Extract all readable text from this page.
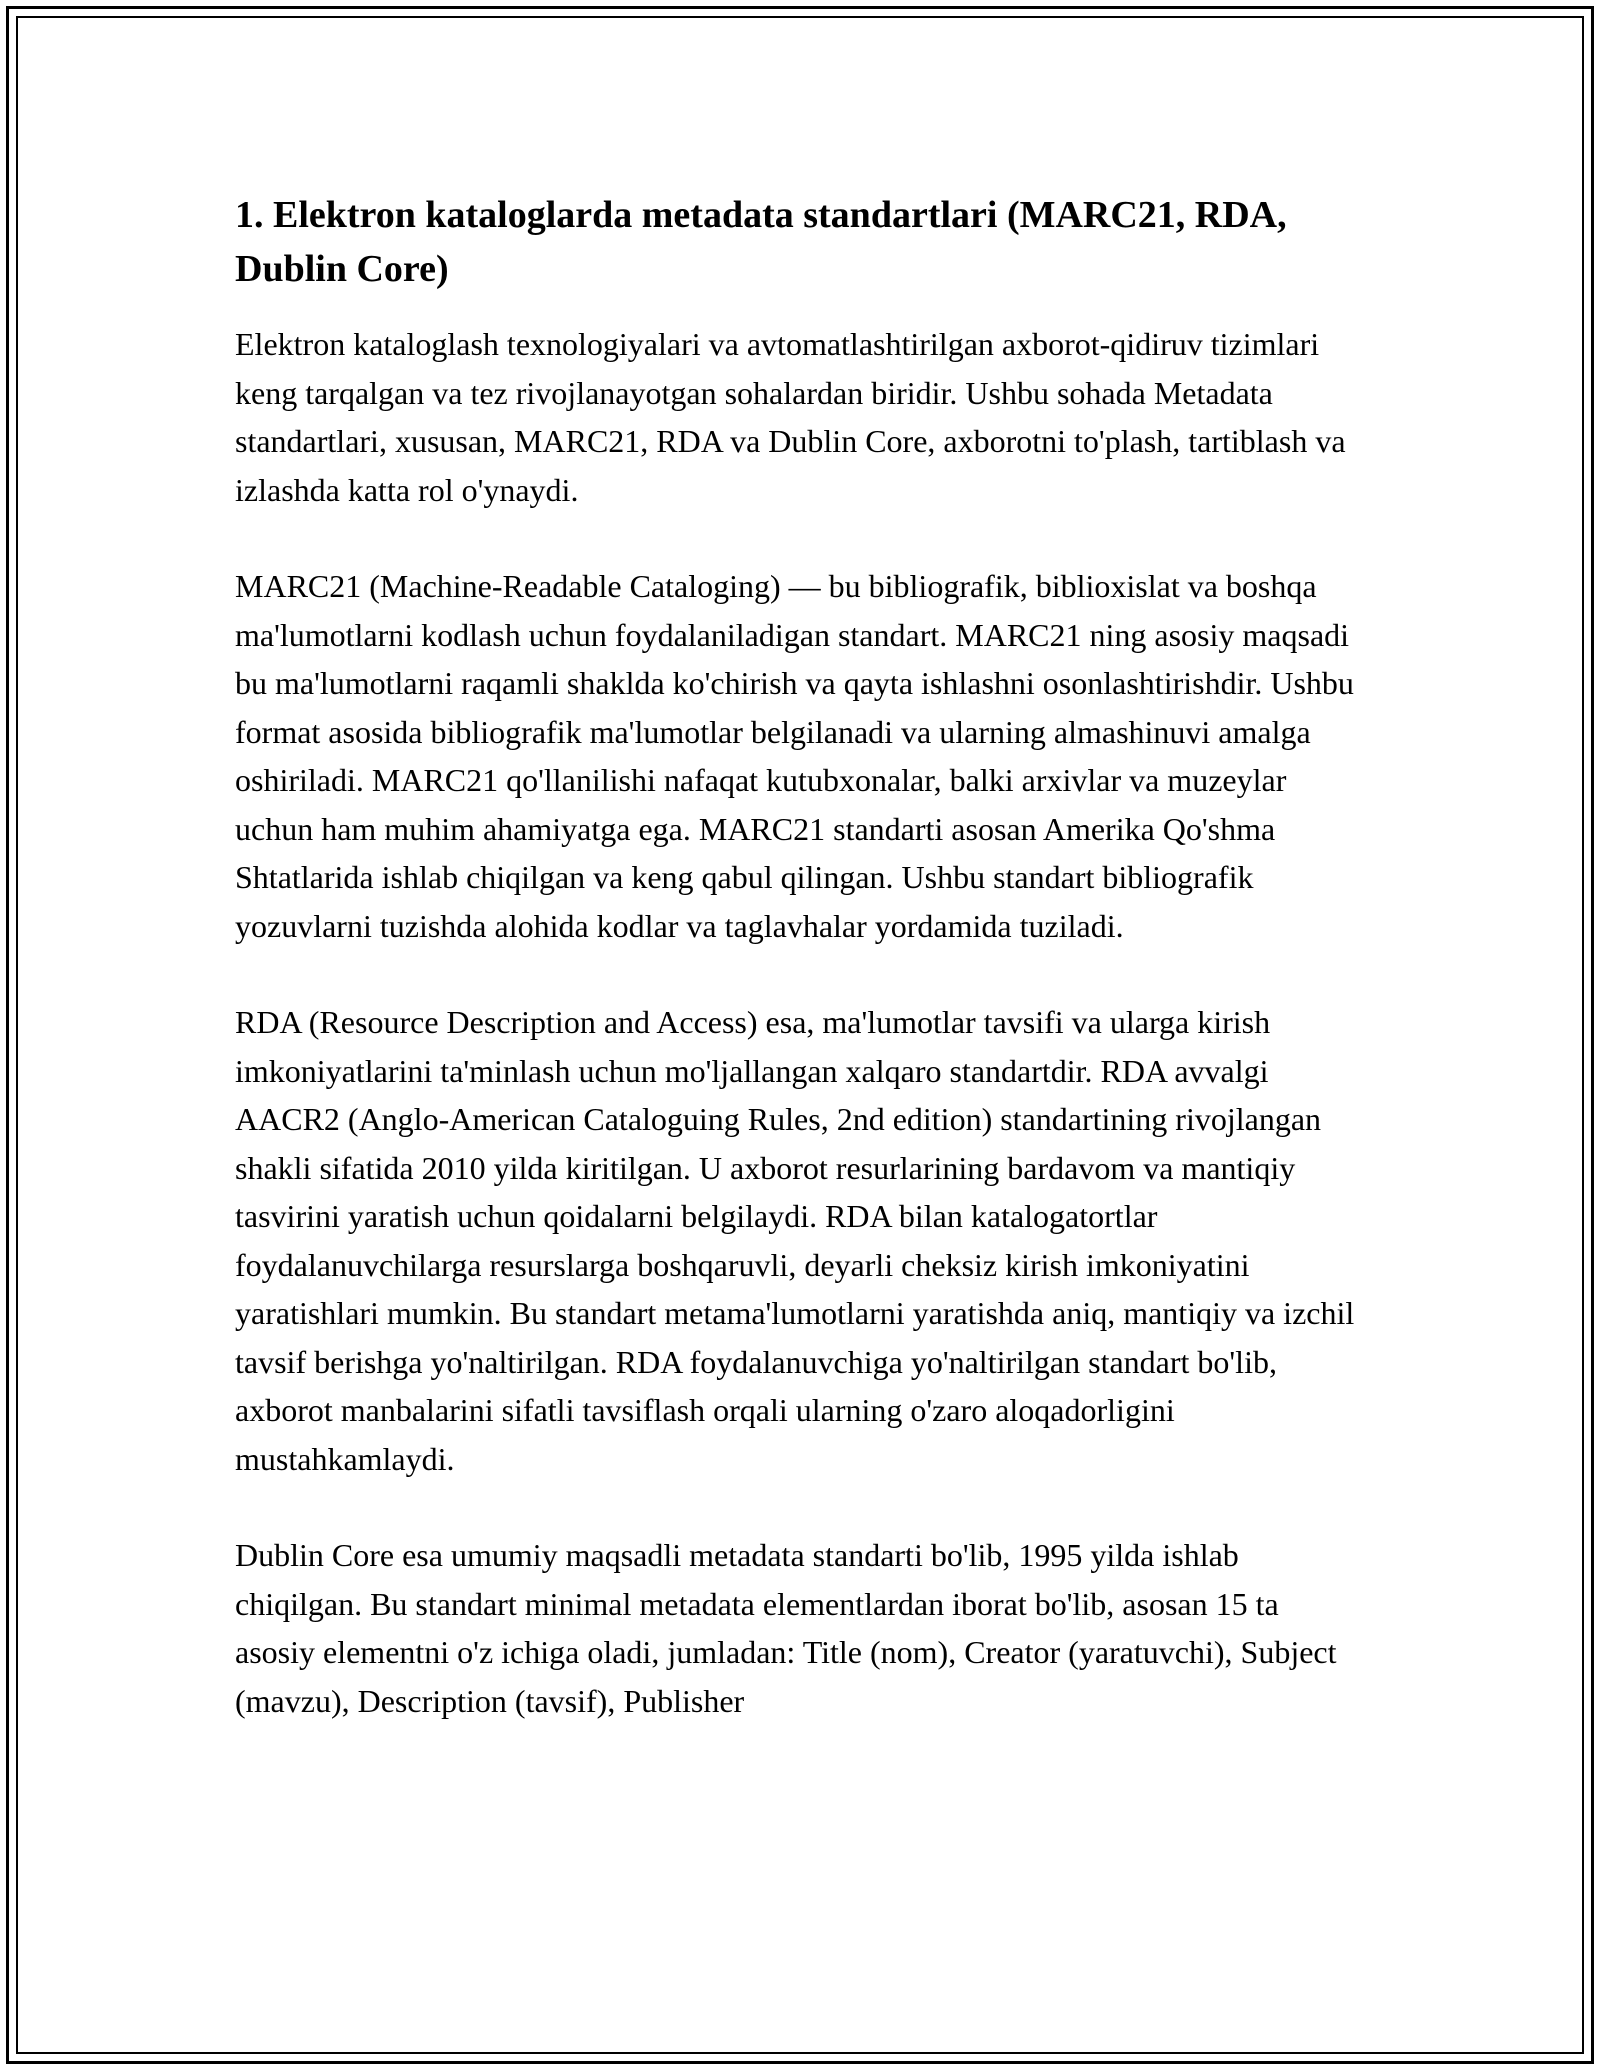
1. Elektron kataloglarda metadata standartlari (MARC21, RDA, Dublin Core)

Elektron kataloglash texnologiyalari va avtomatlashtirilgan axborot-qidiruv tizimlari keng tarqalgan va tez rivojlanayotgan sohalardan biridir. Ushbu sohada Metadata standartlari, xususan, MARC21, RDA va Dublin Core, axborotni to'plash, tartiblash va izlashda katta rol o'ynaydi.

MARC21 (Machine-Readable Cataloging) — bu bibliografik, biblioxislat va boshqa ma'lumotlarni kodlash uchun foydalaniladigan standart. MARC21 ning asosiy maqsadi bu ma'lumotlarni raqamli shaklda ko'chirish va qayta ishlashni osonlashtirishdir. Ushbu format asosida bibliografik ma'lumotlar belgilanadi va ularning almashinuvi amalga oshiriladi. MARC21 qo'llanilishi nafaqat kutubxonalar, balki arxivlar va muzeylar uchun ham muhim ahamiyatga ega. MARC21 standarti asosan Amerika Qo'shma Shtatlarida ishlab chiqilgan va keng qabul qilingan. Ushbu standart bibliografik yozuvlarni tuzishda alohida kodlar va taglavhalar yordamida tuziladi.

RDA (Resource Description and Access) esa, ma'lumotlar tavsifi va ularga kirish imkoniyatlarini ta'minlash uchun mo'ljallangan xalqaro standartdir. RDA avvalgi AACR2 (Anglo-American Cataloguing Rules, 2nd edition) standartining rivojlangan shakli sifatida 2010 yilda kiritilgan. U axborot resurlarining bardavom va mantiqiy tasvirini yaratish uchun qoidalarni belgilaydi. RDA bilan katalogatortlar foydalanuvchilarga resurslarga boshqaruvli, deyarli cheksiz kirish imkoniyatini yaratishlari mumkin. Bu standart metama'lumotlarni yaratishda aniq, mantiqiy va izchil tavsif berishga yo'naltirilgan. RDA foydalanuvchiga yo'naltirilgan standart bo'lib, axborot manbalarini sifatli tavsiflash orqali ularning o'zaro aloqadorligini mustahkamlaydi.

Dublin Core esa umumiy maqsadli metadata standarti bo'lib, 1995 yilda ishlab chiqilgan. Bu standart minimal metadata elementlardan iborat bo'lib, asosan 15 ta asosiy elementni o'z ichiga oladi, jumladan: Title (nom), Creator (yaratuvchi), Subject (mavzu), Description (tavsif), Publisher
